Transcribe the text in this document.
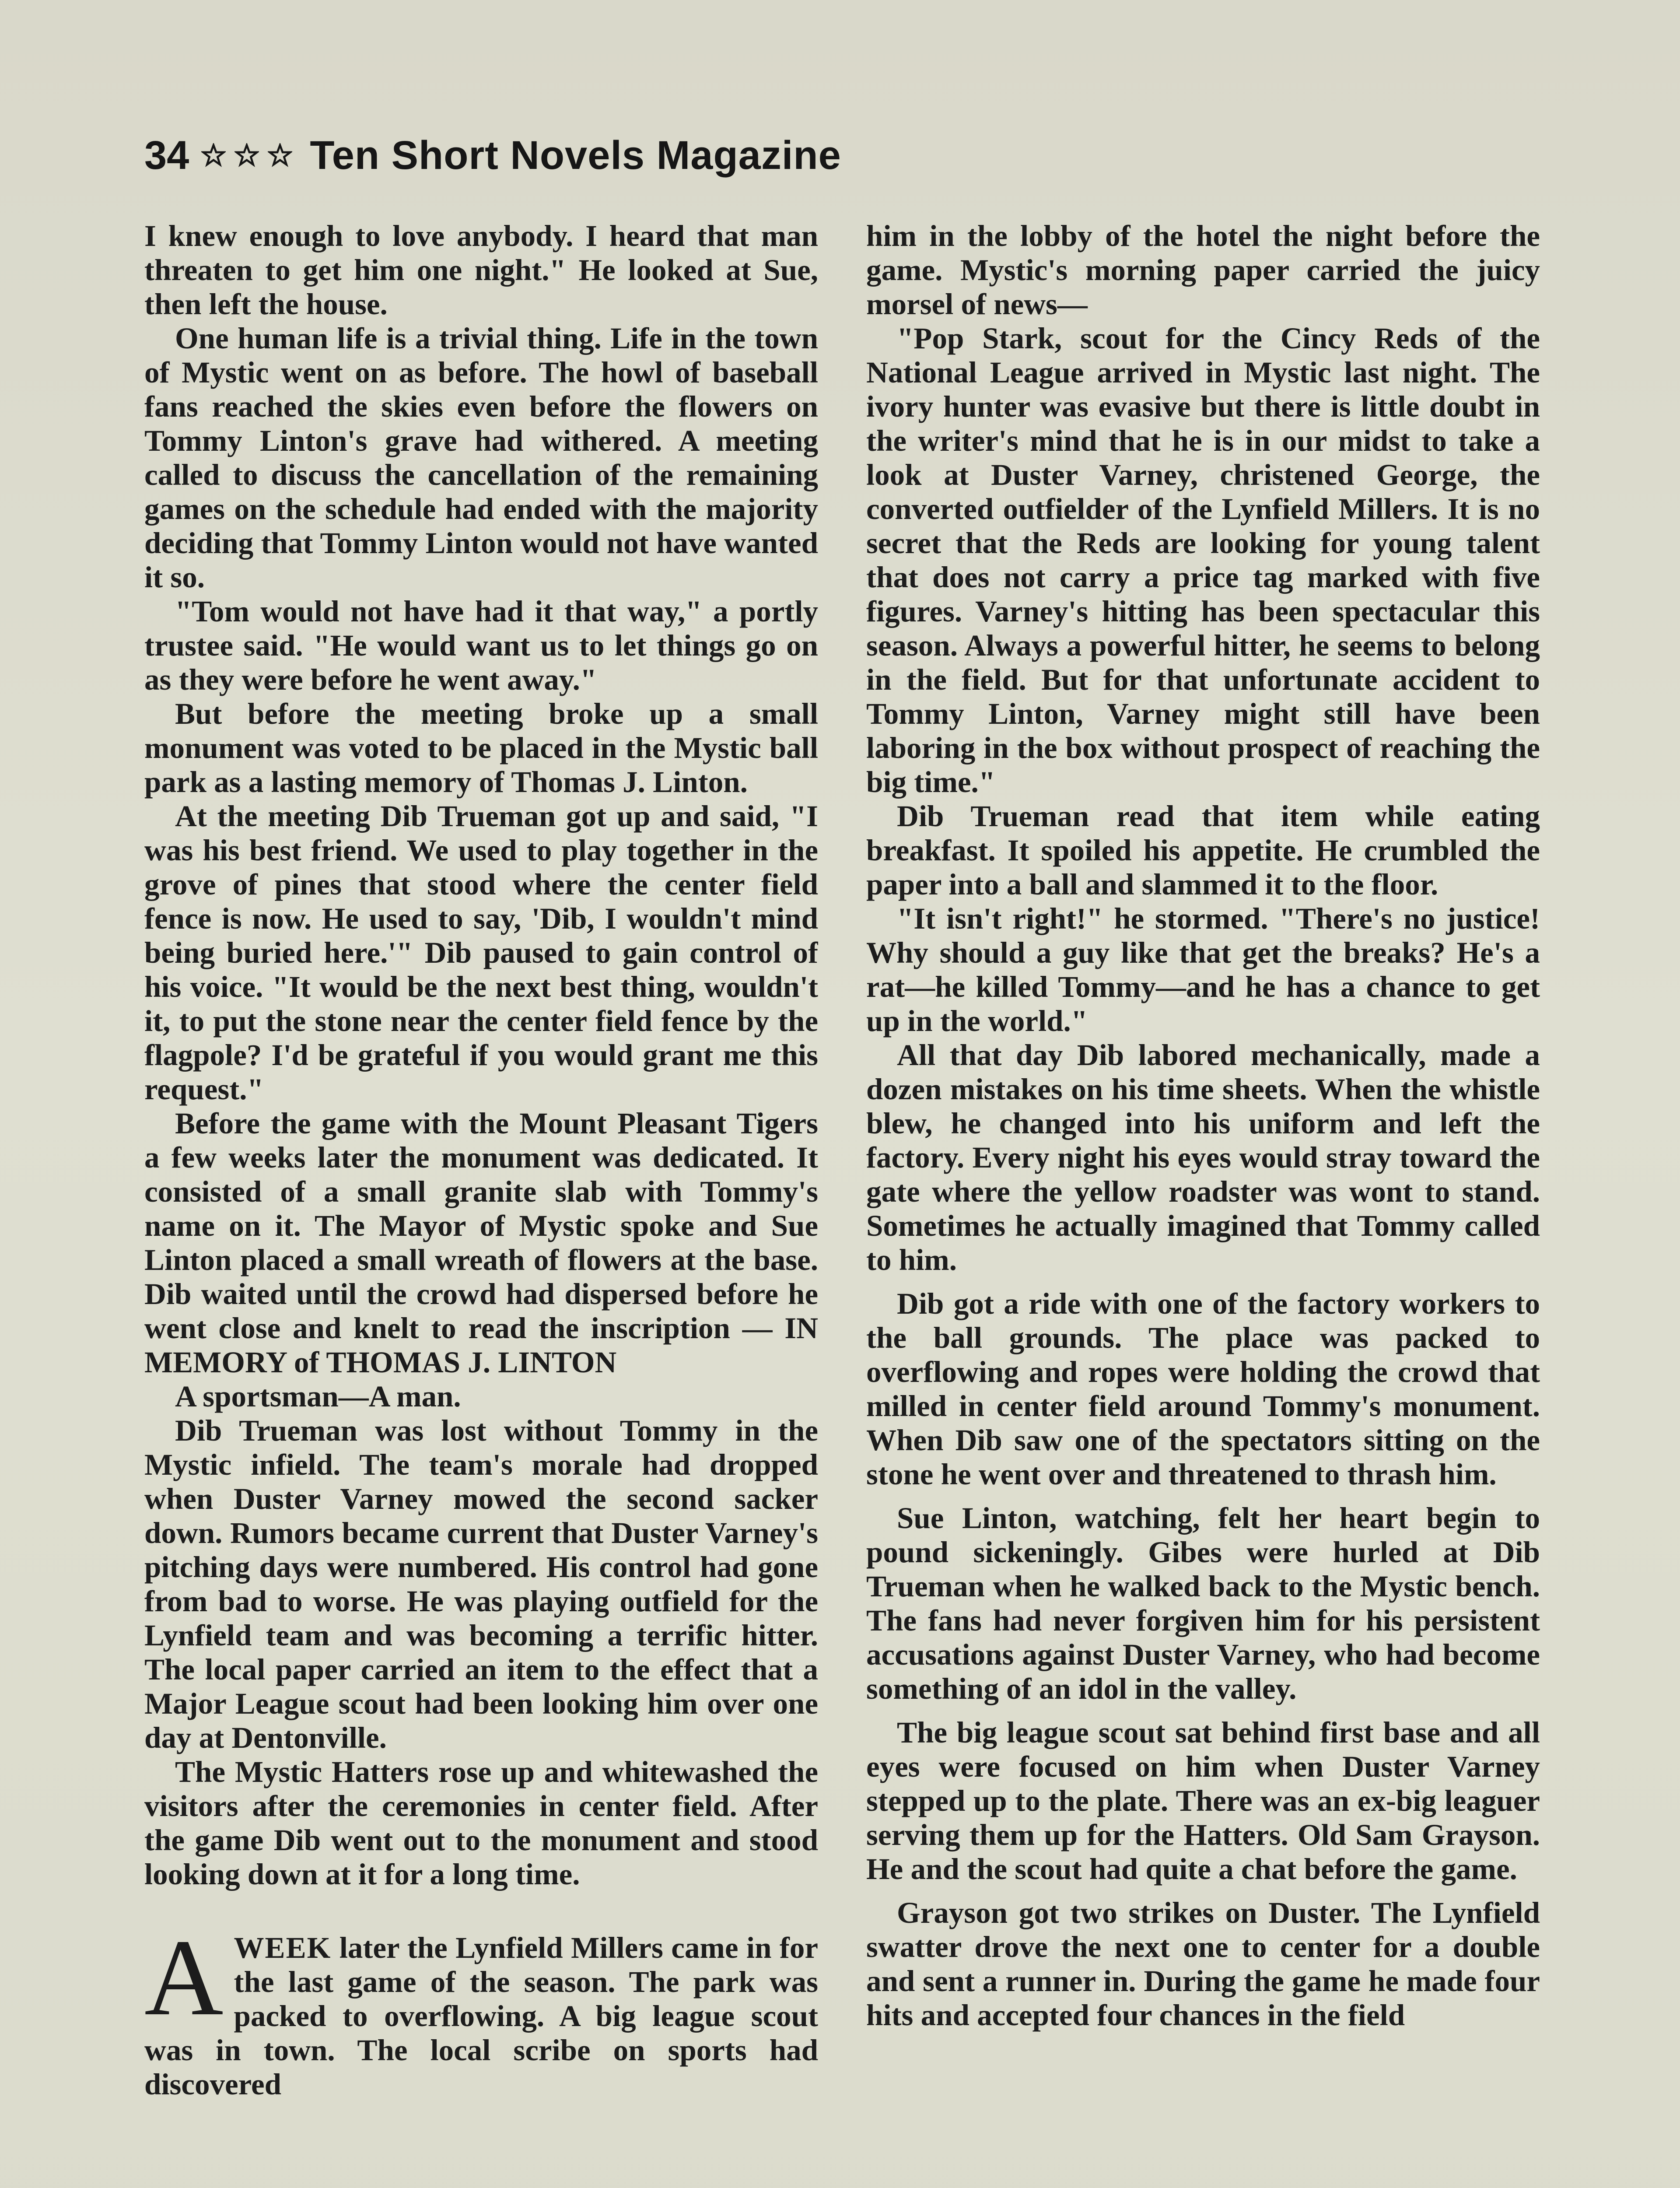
34	Ten Short Novels Magazine

I knew enough to love anybody. I heard that man threaten to get him one night." He looked at Sue, then left the house.

One human life is a trivial thing. Life in the town of Mystic went on as before. The howl of baseball fans reached the skies even before the flowers on Tommy Linton's grave had withered. A meeting called to discuss the cancellation of the remaining games on the schedule had ended with the majority deciding that Tommy Linton would not have wanted it so.

"Tom would not have had it that way," a portly trustee said. "He would want us to let things go on as they were before he went away."

But before the meeting broke up a small monument was voted to be placed in the Mystic ball park as a lasting memory of Thomas J. Linton.

At the meeting Dib Trueman got up and said, "I was his best friend. We used to play together in the grove of pines that stood where the center field fence is now. He used to say, 'Dib, I wouldn't mind being buried here.'" Dib paused to gain control of his voice. "It would be the next best thing, wouldn't it, to put the stone near the center field fence by the flagpole? I'd be grateful if you would grant me this request."

Before the game with the Mount Pleasant Tigers a few weeks later the monument was dedicated. It consisted of a small granite slab with Tommy's name on it. The Mayor of Mystic spoke and Sue Linton placed a small wreath of flowers at the base. Dib waited until the crowd had dispersed before he went close and knelt to read the inscription — IN MEMORY of THOMAS J. LINTON

A sportsman—A man.

Dib Trueman was lost without Tommy in the Mystic infield. The team's morale had dropped when Duster Varney mowed the second sacker down. Rumors became current that Duster Varney's pitching days were numbered. His control had gone from bad to worse. He was playing outfield for the Lynfield team and was becoming a terrific hitter. The local paper carried an item to the effect that a Major League scout had been looking him over one day at Dentonville.

The Mystic Hatters rose up and whitewashed the visitors after the ceremonies in center field. After the game Dib went out to the monument and stood looking down at it for a long time.

AWEEK later the Lynfield Millers came in for the last game of the season. The park was packed to overflowing. A big league scout was in town. The local scribe on sports had discovered

him in the lobby of the hotel the night before the game. Mystic's morning paper carried the juicy morsel of news—

"Pop Stark, scout for the Cincy Reds of the National League arrived in Mystic last night. The ivory hunter was evasive but there is little doubt in the writer's mind that he is in our midst to take a look at Duster Varney, christened George, the converted outfielder of the Lynfield Millers. It is no secret that the Reds are looking for young talent that does not carry a price tag marked with five figures. Varney's hitting has been spectacular this season. Always a powerful hitter, he seems to belong in the field. But for that unfortunate accident to Tommy Linton, Varney might still have been laboring in the box without prospect of reaching the big time."

Dib Trueman read that item while eating breakfast. It spoiled his appetite. He crumbled the paper into a ball and slammed it to the floor.

"It isn't right!" he stormed. "There's no justice! Why should a guy like that get the breaks? He's a rat—he killed Tommy—and he has a chance to get up in the world."

All that day Dib labored mechanically, made a dozen mistakes on his time sheets. When the whistle blew, he changed into his uniform and left the factory. Every night his eyes would stray toward the gate where the yellow roadster was wont to stand. Sometimes he actually imagined that Tommy called to him.

Dib got a ride with one of the factory workers to the ball grounds. The place was packed to overflowing and ropes were holding the crowd that milled in center field around Tommy's monument. When Dib saw one of the spectators sitting on the stone he went over and threatened to thrash him.

Sue Linton, watching, felt her heart begin to pound sickeningly. Gibes were hurled at Dib Trueman when he walked back to the Mystic bench. The fans had never forgiven him for his persistent accusations against Duster Varney, who had become something of an idol in the valley.

The big league scout sat behind first base and all eyes were focused on him when Duster Varney stepped up to the plate. There was an ex-big leaguer serving them up for the Hatters. Old Sam Grayson. He and the scout had quite a chat before the game.

Grayson got two strikes on Duster. The Lynfield swatter drove the next one to center for a double and sent a runner in. During the game he made four hits and accepted four chances in the field
